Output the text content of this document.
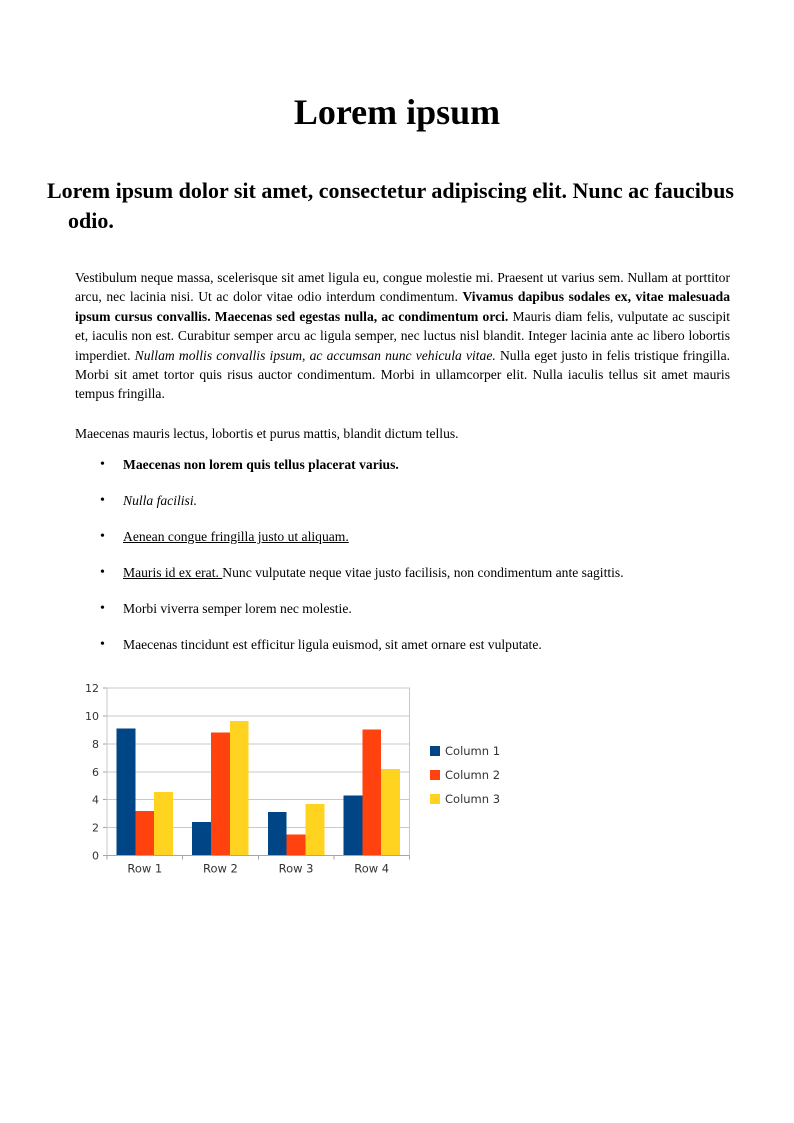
Lorem ipsum
Lorem ipsum dolor sit amet, consectetur adipiscing elit. Nunc ac faucibus odio.
Vestibulum neque massa, scelerisque sit amet ligula eu, congue molestie mi. Praesent ut varius sem. Nullam at porttitor arcu, nec lacinia nisi. Ut ac dolor vitae odio interdum condimentum. Vivamus dapibus sodales ex, vitae malesuada ipsum cursus convallis. Maecenas sed egestas nulla, ac condimentum orci. Mauris diam felis, vulputate ac suscipit et, iaculis non est. Curabitur semper arcu ac ligula semper, nec luctus nisl blandit. Integer lacinia ante ac libero lobortis imperdiet. Nullam mollis convallis ipsum, ac accumsan nunc vehicula vitae. Nulla eget justo in felis tristique fringilla. Morbi sit amet tortor quis risus auctor condimentum. Morbi in ullamcorper elit. Nulla iaculis tellus sit amet mauris tempus fringilla.
Maecenas mauris lectus, lobortis et purus mattis, blandit dictum tellus.
• Maecenas non lorem quis tellus placerat varius.
• Nulla facilisi.
• Aenean congue fringilla justo ut aliquam.
• Mauris id ex erat. Nunc vulputate neque vitae justo facilisis, non condimentum ante sagittis.
• Morbi viverra semper lorem nec molestie.
• Maecenas tincidunt est efficitur ligula euismod, sit amet ornare est vulputate.
0
2
4
6
8
10
12
Row 1	Row 2	Row 3	Row 4
Column 1
Column 2
Column 3
